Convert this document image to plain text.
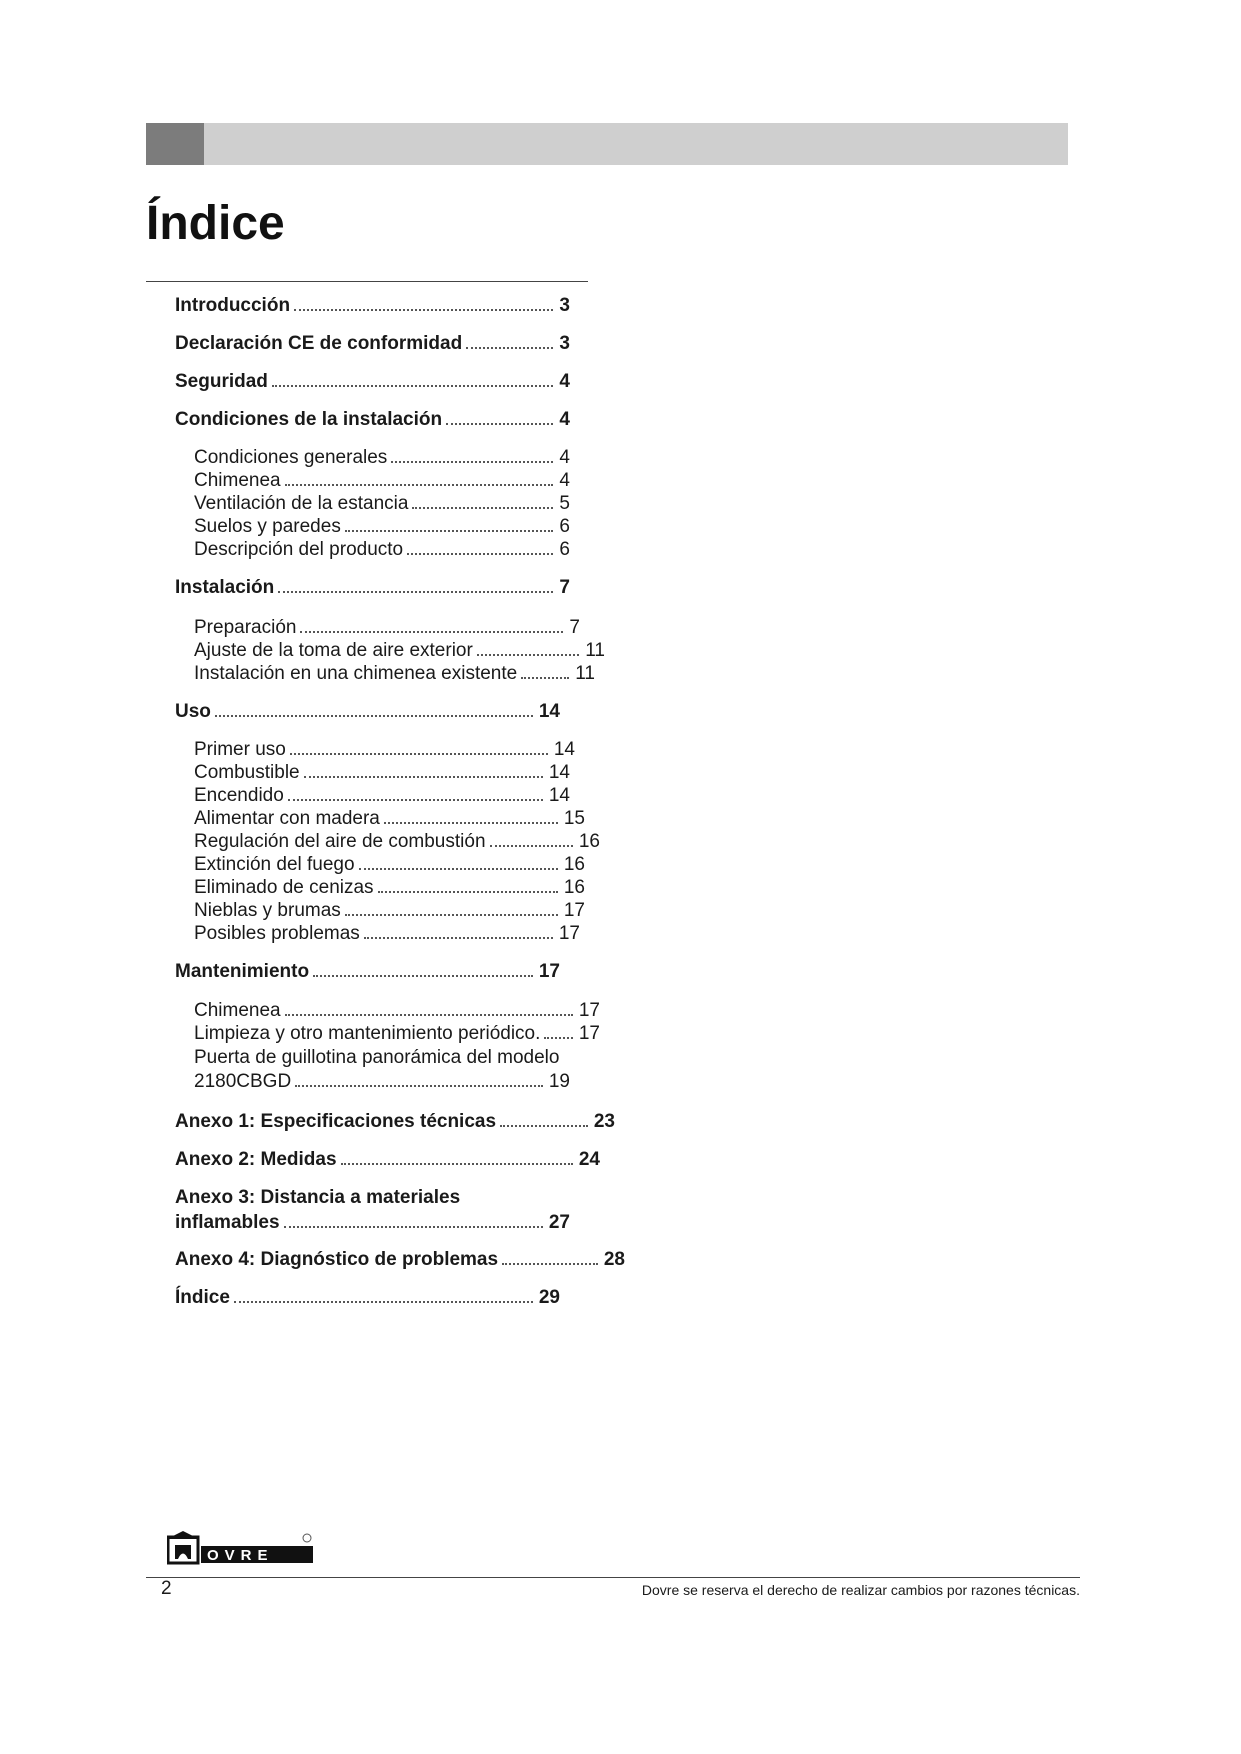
Índice
Introducción	3
Declaración CE de conformidad	3
Seguridad	4
Condiciones de la instalación	4
Condiciones generales	4
Chimenea	4
Ventilación de la estancia	5
Suelos y paredes	6
Descripción del producto	6
Instalación	7
Preparación	7
Ajuste de la toma de aire exterior	11
Instalación en una chimenea existente	11
Uso	14
Primer uso	14
Combustible	14
Encendido	14
Alimentar con madera	15
Regulación del aire de combustión	16
Extinción del fuego	16
Eliminado de cenizas	16
Nieblas y brumas	17
Posibles problemas	17
Mantenimiento	17
Chimenea	17
Limpieza y otro mantenimiento periódico. 17
Puerta de guillotina panorámica del modelo
2180CBGD	19
Anexo 1: Especificaciones técnicas	23
Anexo 2: Medidas	24
Anexo 3: Distancia a materiales
inflamables	27
Anexo 4: Diagnóstico de problemas	28
Índice	29
OVRE
2	Dovre se reserva el derecho de realizar cambios por razones técnicas.
